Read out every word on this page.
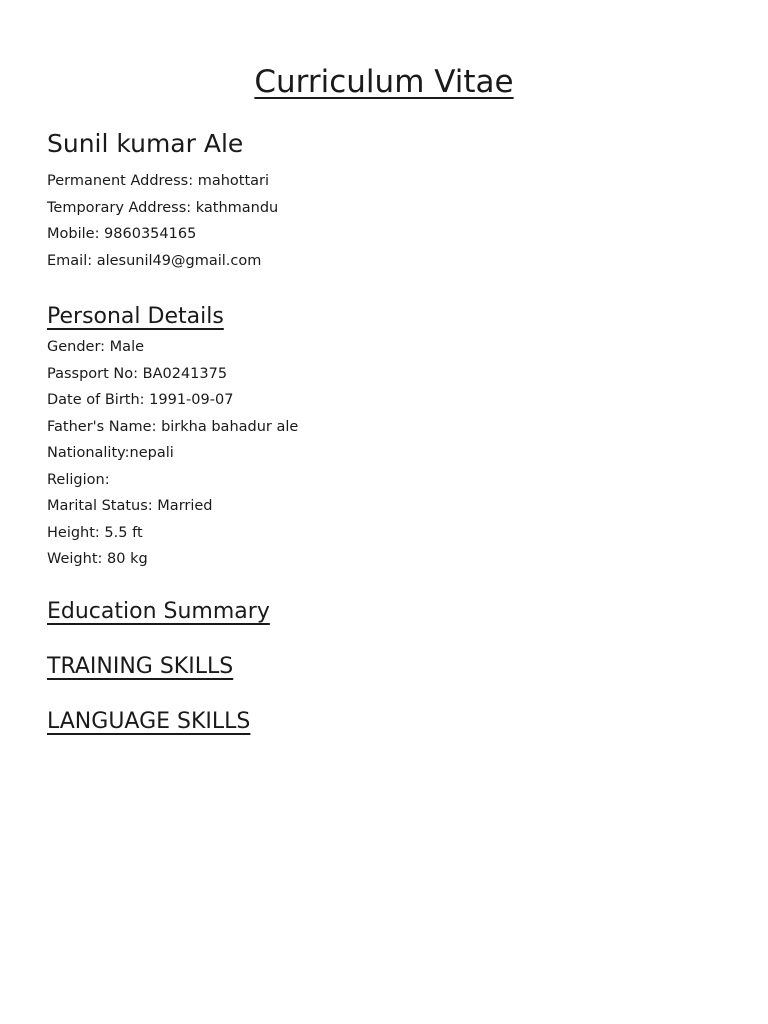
Curriculum Vitae
Sunil kumar Ale

Permanent Address: mahottari

Temporary Address: kathmandu

Mobile: 9860354165

Email: alesunil49@gmail.com

Personal Details

Gender: Male

Passport No: BA0241375

Date of Birth: 1991-09-07

Father's Name: birkha bahadur ale

Nationality:nepali

Religion:

Marital Status: Married

Height: 5.5 ft

Weight: 80 kg

Education Summary
TRAINING SKILLS
LANGUAGE SKILLS
